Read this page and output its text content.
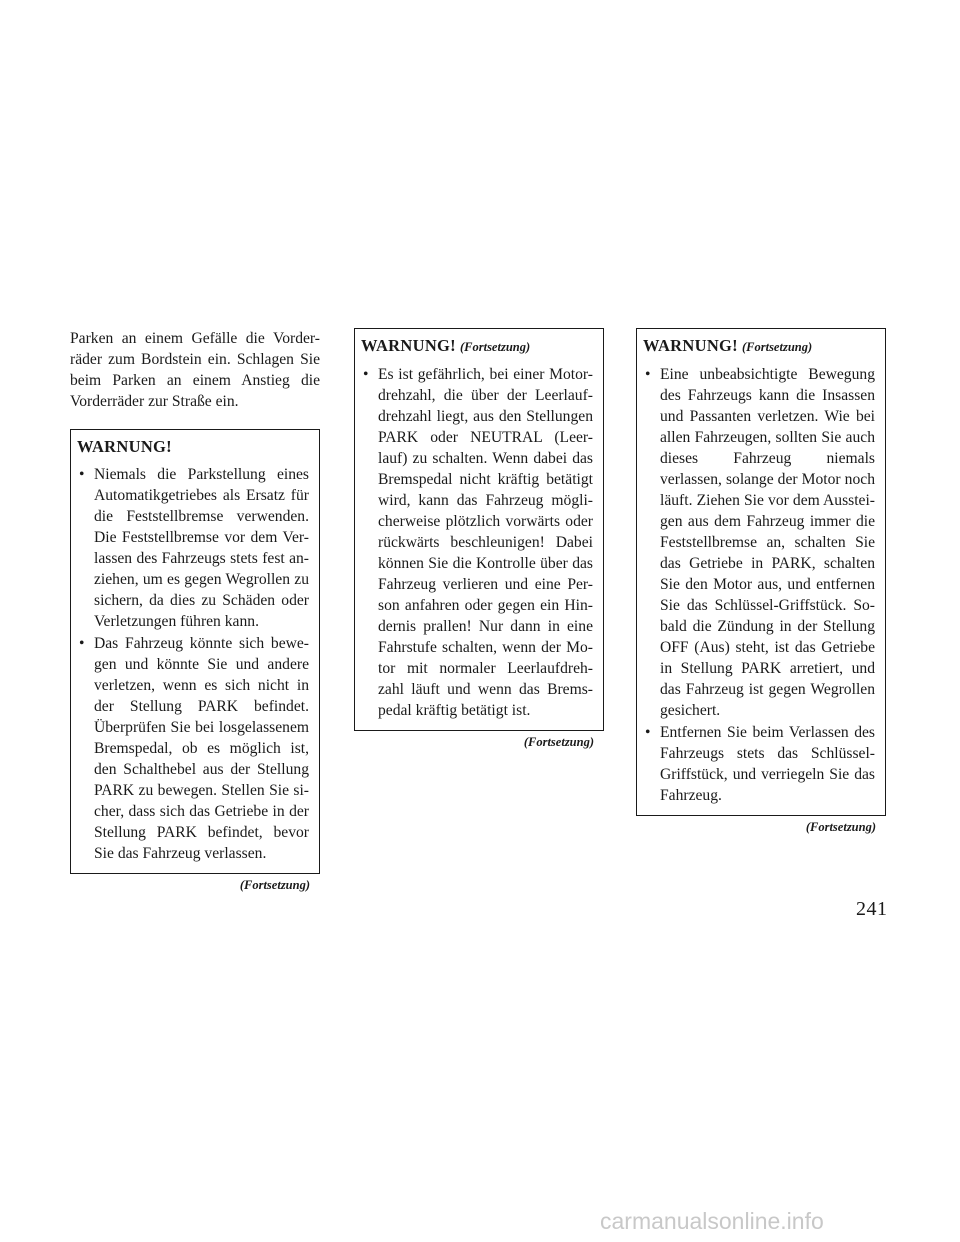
Parken an einem Gefälle die Vorder- räder zum Bordstein ein. Schlagen Sie beim Parken an einem Anstieg die Vorderräder zur Straße ein.

WARNUNG!
• Niemals die Parkstellung eines Automatikgetriebes als Ersatz für die Feststellbremse verwenden. Die Feststellbremse vor dem Ver- lassen des Fahrzeugs stets fest an- ziehen, um es gegen Wegrollen zu sichern, da dies zu Schäden oder Verletzungen führen kann.
• Das Fahrzeug könnte sich bewe- gen und könnte Sie und andere verletzen, wenn es sich nicht in der Stellung PARK befindet. Überprüfen Sie bei losgelassenem Bremspedal, ob es möglich ist, den Schalthebel aus der Stellung PARK zu bewegen. Stellen Sie si- cher, dass sich das Getriebe in der Stellung PARK befindet, bevor Sie das Fahrzeug verlassen.
(Fortsetzung)
WARNUNG! (Fortsetzung)
• Es ist gefährlich, bei einer Motor- drehzahl, die über der Leerlauf- drehzahl liegt, aus den Stellungen PARK oder NEUTRAL (Leer- lauf) zu schalten. Wenn dabei das Bremspedal nicht kräftig betätigt wird, kann das Fahrzeug mögli- cherweise plötzlich vorwärts oder rückwärts beschleunigen! Dabei können Sie die Kontrolle über das Fahrzeug verlieren und eine Per- son anfahren oder gegen ein Hin- dernis prallen! Nur dann in eine Fahrstufe schalten, wenn der Mo- tor mit normaler Leerlaufdreh- zahl läuft und wenn das Brems- pedal kräftig betätigt ist.
(Fortsetzung)
WARNUNG! (Fortsetzung)
• Eine unbeabsichtigte Bewegung des Fahrzeugs kann die Insassen und Passanten verletzen. Wie bei allen Fahrzeugen, sollten Sie auch dieses Fahrzeug niemals verlassen, solange der Motor noch läuft. Ziehen Sie vor dem Ausstei- gen aus dem Fahrzeug immer die Feststellbremse an, schalten Sie das Getriebe in PARK, schalten Sie den Motor aus, und entfernen Sie das Schlüssel-Griffstück. So- bald die Zündung in der Stellung OFF (Aus) steht, ist das Getriebe in Stellung PARK arretiert, und das Fahrzeug ist gegen Wegrollen gesichert.
• Entfernen Sie beim Verlassen des Fahrzeugs stets das Schlüssel- Griffstück, und verriegeln Sie das Fahrzeug.
(Fortsetzung)
241
carmanualsonline.info
